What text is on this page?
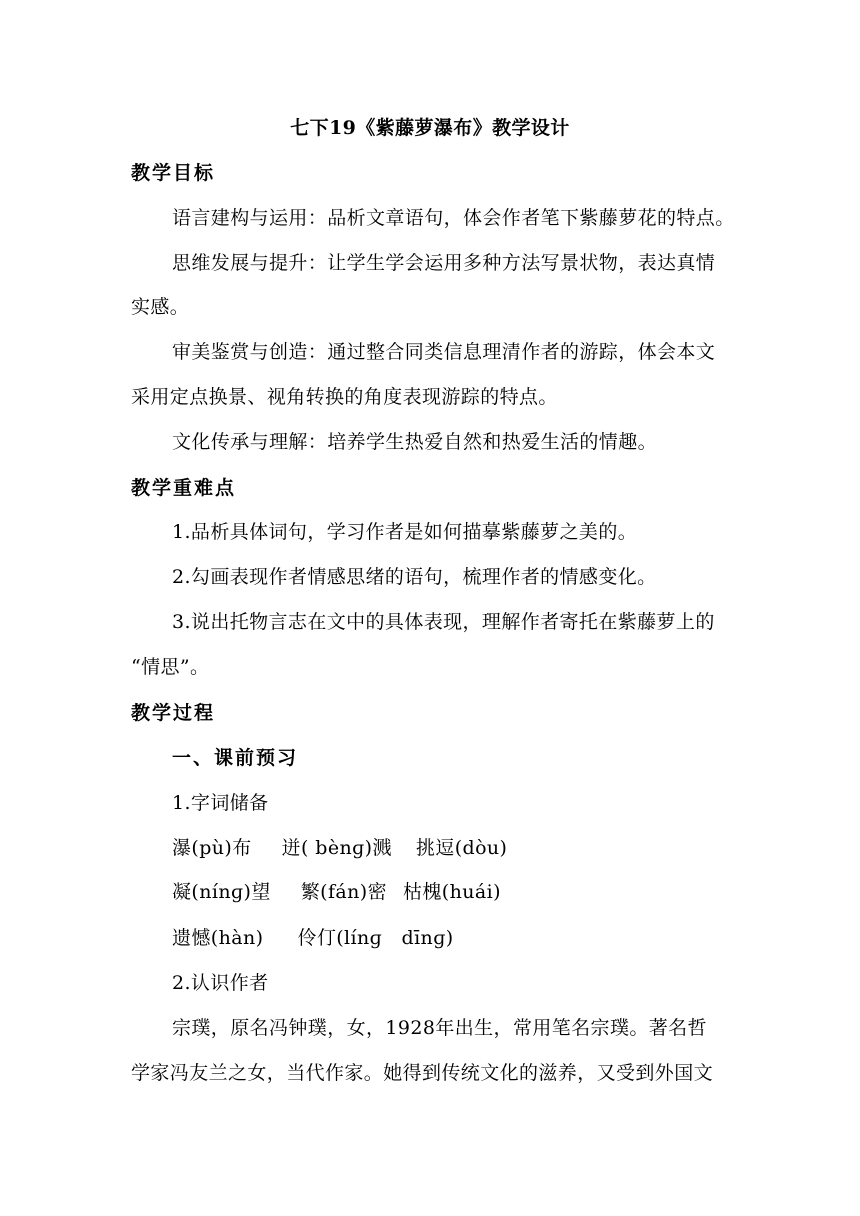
七下19《紫藤萝瀑布》教学设计
教学目标
语言建构与运用：品析文章语句，体会作者笔下紫藤萝花的特点。
思维发展与提升：让学生学会运用多种方法写景状物，表达真情
实感。
审美鉴赏与创造：通过整合同类信息理清作者的游踪，体会本文
采用定点换景、视角转换的角度表现游踪的特点。
文化传承与理解：培养学生热爱自然和热爱生活的情趣。
教学重难点
1.品析具体词句，学习作者是如何描摹紫藤萝之美的。
2.勾画表现作者情感思绪的语句，梳理作者的情感变化。
3.说出托物言志在文中的具体表现，理解作者寄托在紫藤萝上的
“情思”。
教学过程
一、课前预习
1.字词储备
瀑(pù)布 迸( bènɡ)溅 挑逗(dòu)
凝(nínɡ)望 繁(fán)密 枯槐(huái)
遗憾(hàn) 伶仃(línɡ   dīnɡ)
2.认识作者
宗璞，原名冯钟璞，女，1928年出生，常用笔名宗璞。著名哲
学家冯友兰之女，当代作家。她得到传统文化的滋养，又受到外国文
